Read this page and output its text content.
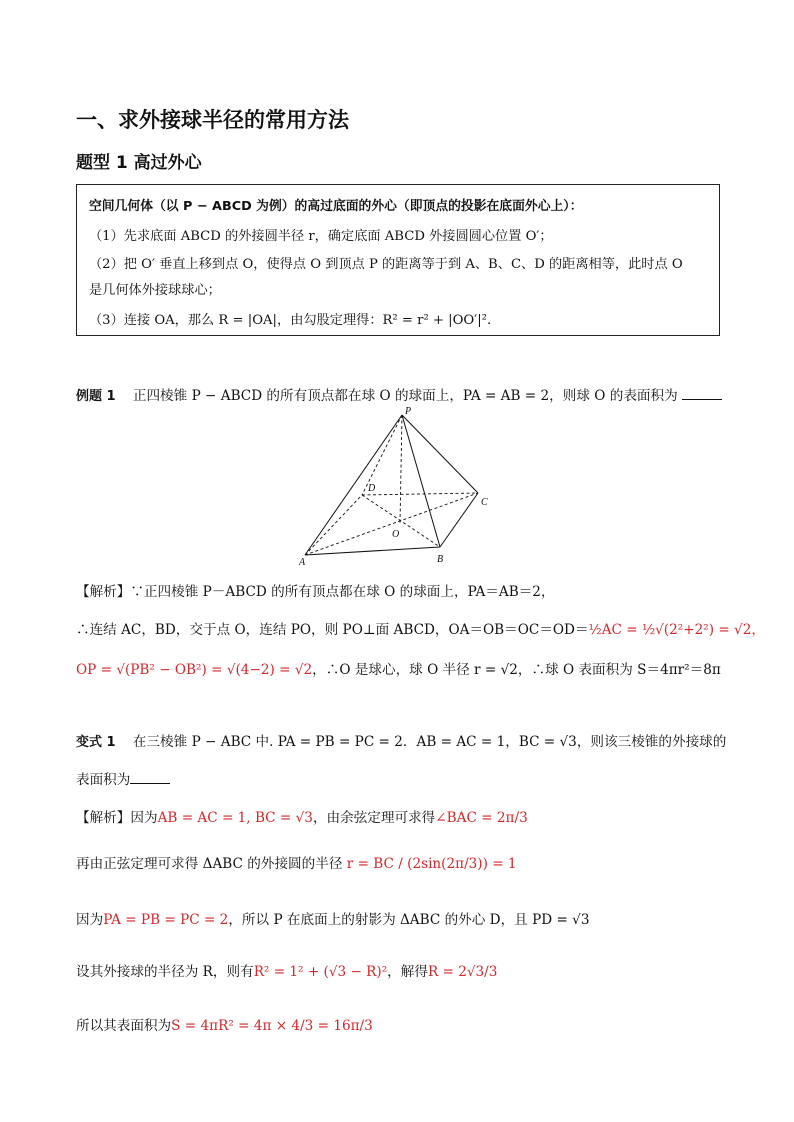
一、求外接球半径的常用方法
题型 1 高过外心
空间几何体（以 P − ABCD 为例）的高过底面的外心（即顶点的投影在底面外心上）：
（1）先求底面 ABCD 的外接圆半径 r，确定底面 ABCD 外接圆圆心位置 O′；
（2）把 O′ 垂直上移到点 O，使得点 O 到顶点 P 的距离等于到 A、B、C、D 的距离相等，此时点 O
是几何体外接球球心；
（3）连接 OA，那么 R = |OA|，由勾股定理得：R² = r² + |OO′|².
例题 1 正四棱锥 P − ABCD 的所有顶点都在球 O 的球面上，PA = AB = 2，则球 O 的表面积为
P
A	B
C
D
O
【解析】∵正四棱锥 P－ABCD 的所有顶点都在球 O 的球面上，PA＝AB＝2，
∴连结 AC，BD，交于点 O，连结 PO，则 PO⊥面 ABCD，OA＝OB＝OC＝OD＝½AC = ½√(2²+2²) = √2，
OP = √(PB² − OB²) = √(4−2) = √2，∴O 是球心，球 O 半径 r = √2，∴球 O 表面积为 S＝4πr²＝8π
变式 1 在三棱锥 P − ABC 中. PA = PB = PC = 2．AB = AC = 1，BC = √3，则该三棱锥的外接球的
表面积为
【解析】因为AB = AC = 1, BC = √3，由余弦定理可求得∠BAC = 2π/3
再由正弦定理可求得 ΔABC 的外接圆的半径 r = BC / (2sin(2π/3)) = 1
因为PA = PB = PC = 2，所以 P 在底面上的射影为 ΔABC 的外心 D，且 PD = √3
设其外接球的半径为 R，则有R² = 1² + (√3 − R)²，解得R = 2√3/3
所以其表面积为S = 4πR² = 4π × 4/3 = 16π/3
